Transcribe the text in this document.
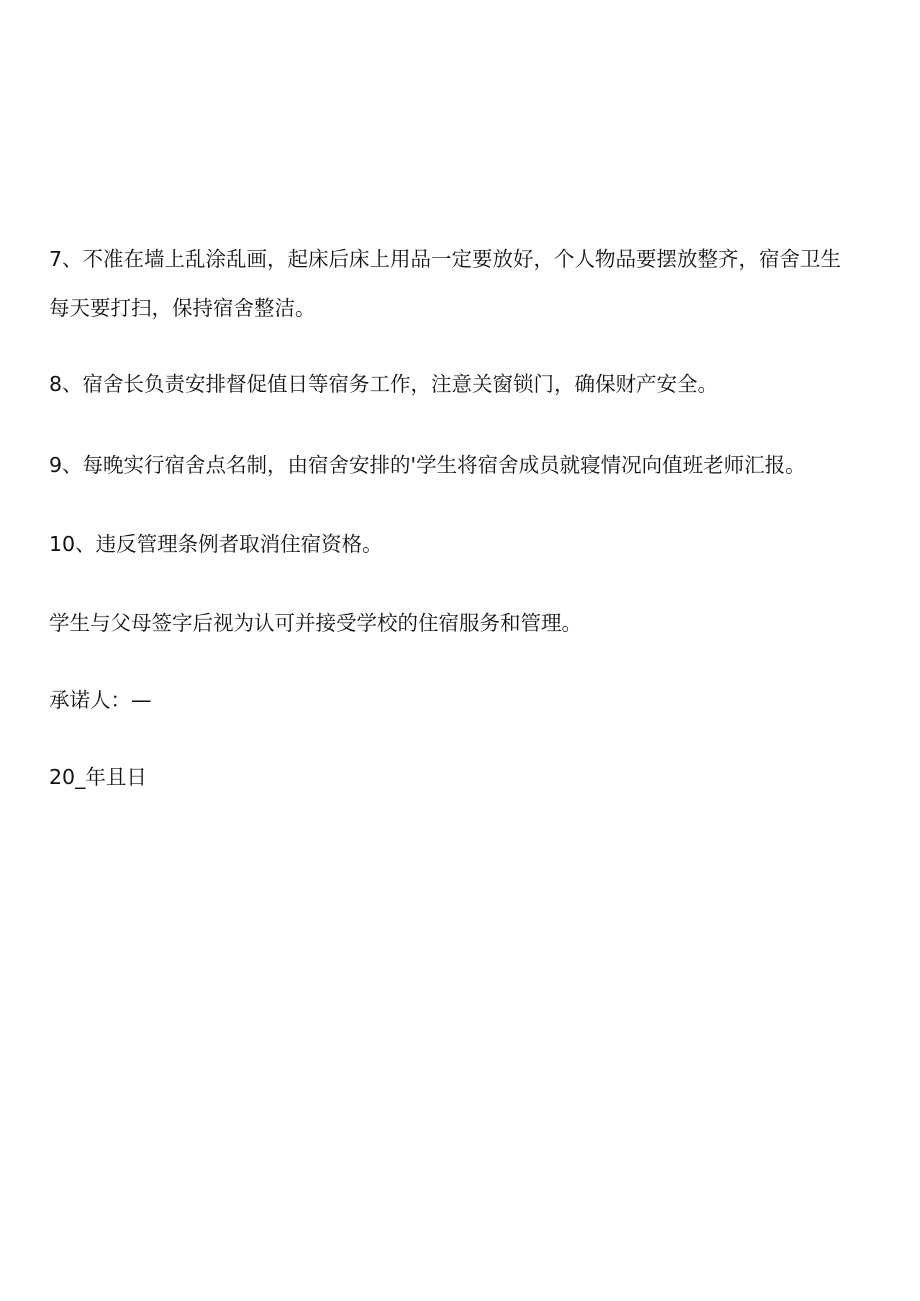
7、不准在墙上乱涂乱画，起床后床上用品一定要放好，个人物品要摆放整齐，宿舍卫生每天要打扫，保持宿舍整洁。

8、宿舍长负责安排督促值日等宿务工作，注意关窗锁门，确保财产安全。

9、每晚实行宿舍点名制，由宿舍安排的'学生将宿舍成员就寝情况向值班老师汇报。

10、违反管理条例者取消住宿资格。

学生与父母签字后视为认可并接受学校的住宿服务和管理。

承诺人：—

20_年且日
